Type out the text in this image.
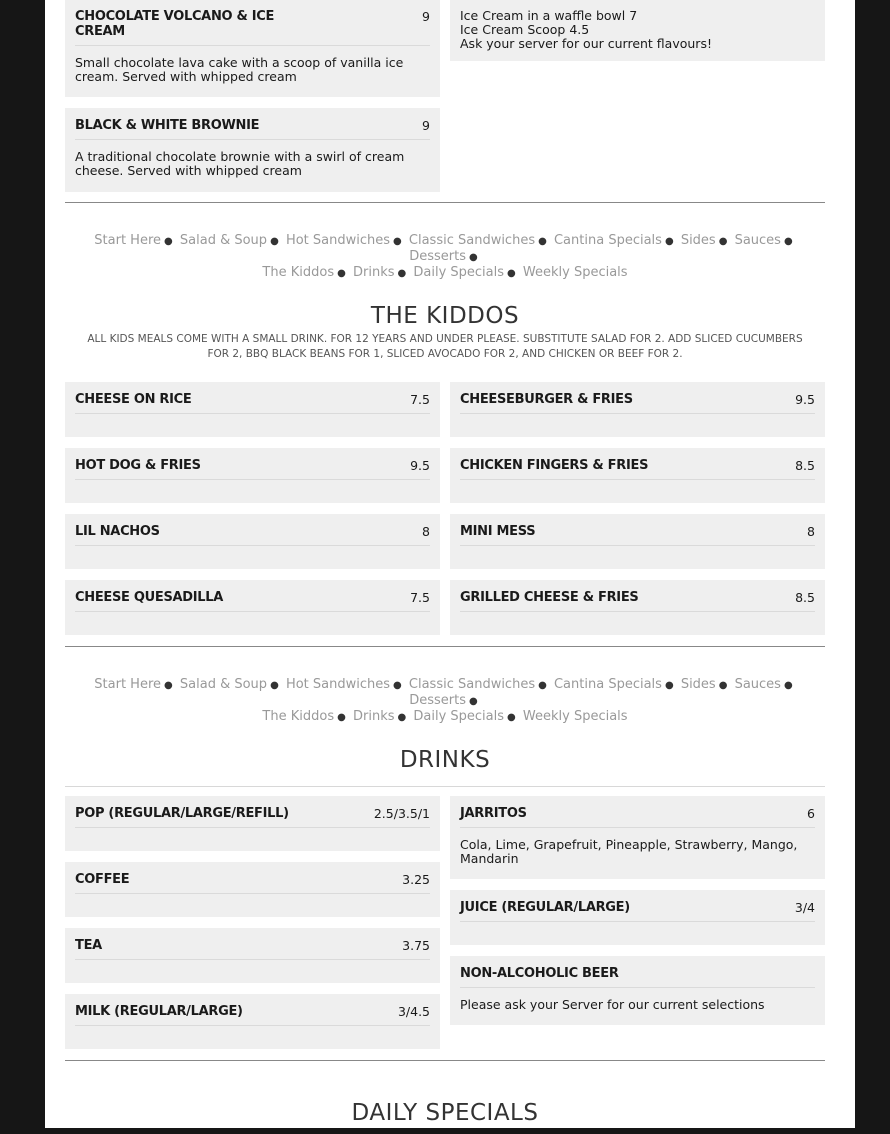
CHOCOLATE VOLCANO & ICE CREAM
9
Small chocolate lava cake with a scoop of vanilla ice cream. Served with whipped cream
Ice Cream in a waffle bowl 7
Ice Cream Scoop 4.5
Ask your server for our current flavours!
BLACK & WHITE BROWNIE	9
A traditional chocolate brownie with a swirl of cream cheese. Served with whipped cream
Start Here ● Salad & Soup ● Hot Sandwiches ● Classic Sandwiches ● Cantina Specials ● Sides ● Sauces ● Desserts ●
The Kiddos ● Drinks ● Daily Specials ● Weekly Specials
THE KIDDOS
ALL KIDS MEALS COME WITH A SMALL DRINK. FOR 12 YEARS AND UNDER PLEASE. SUBSTITUTE SALAD FOR 2. ADD SLICED CUCUMBERS FOR 2, BBQ BLACK BEANS FOR 1, SLICED AVOCADO FOR 2, AND CHICKEN OR BEEF FOR 2.
CHEESE ON RICE	7.5 CHEESEBURGER & FRIES	9.5
HOT DOG & FRIES	9.5 CHICKEN FINGERS & FRIES	8.5
LIL NACHOS	8 MINI MESS	8
CHEESE QUESADILLA	7.5 GRILLED CHEESE & FRIES	8.5
Start Here ● Salad & Soup ● Hot Sandwiches ● Classic Sandwiches ● Cantina Specials ● Sides ● Sauces ● Desserts ●
The Kiddos ● Drinks ● Daily Specials ● Weekly Specials
DRINKS
POP (REGULAR/LARGE/REFILL)	2.5/3.5/1
COFFEE	3.25
TEA	3.75
MILK (REGULAR/LARGE)	3/4.5
JARRITOS	6
Cola, Lime, Grapefruit, Pineapple, Strawberry, Mango, Mandarin
JUICE (REGULAR/LARGE)	3/4
NON-ALCOHOLIC BEER
Please ask your Server for our current selections
DAILY SPECIALS
